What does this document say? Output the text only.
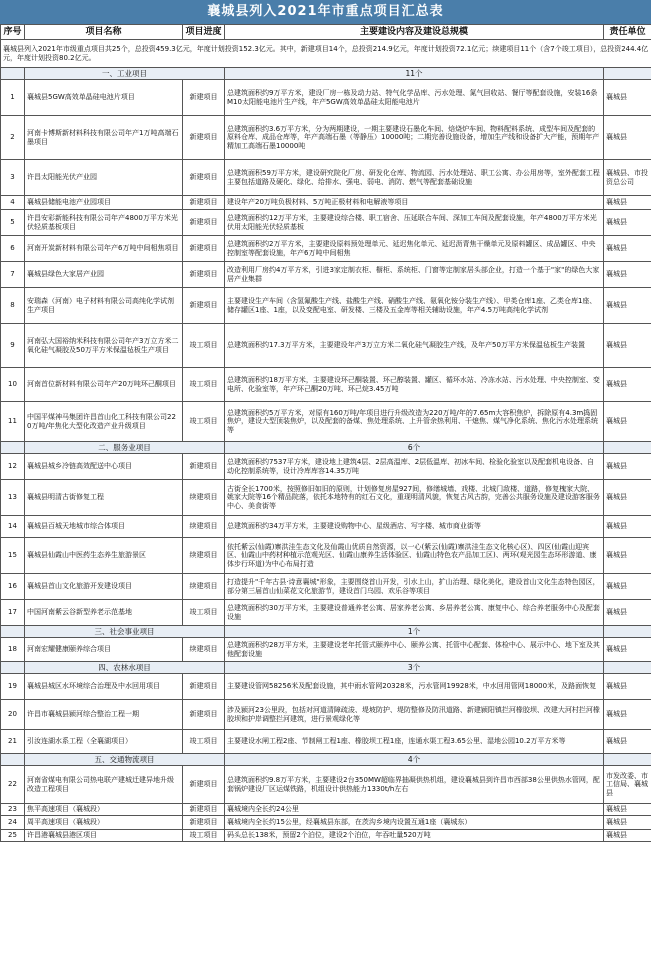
襄城县列入2021年市重点项目汇总表
序号	项目名称	项目进度	主要建设内容及建设总规模	责任单位
襄城县列入2021年市级重点项目共25个，总投资459.3亿元，年度计划投资152.3亿元。其中，新建项目14个，总投资214.9亿元，年度计划投资72.1亿元；续建项目11个（含7个竣工项目），总投资244.4亿元，年度计划投资80.2亿元。				
	一、工业项目		11个	
1	襄城县5GW高效单晶硅电池片项目	新建项目	总建筑面积约9万平方米，建设厂房一栋及动力站、特气化学品库、污水处理、氮气回收站、餐厅等配套设施，安装16条M10太阳能电池片生产线，年产5GW高效单晶硅太阳能电池片	襄城县
2	河南卡博斯新材料科技有限公司年产1万吨高端石墨项目	新建项目	总建筑面积约3.6万平方米，分为两期建设，一期主要建设石墨化车间、焙烧炉车间、物料配料系统、成型车间及配套的原料仓库、成品仓库等，年产高端石墨（等静压）10000吨；二期完善设施设备，增加生产线和设备扩大产能，预期年产精加工高端石墨10000吨	襄城县
3	许昌太阳能光伏产业园	新建项目	总建筑面积59万平方米，建设研究院化厂房、研发化仓库、物流园、污水处理站、职工公寓、办公用房等，室外配套工程主要包括道路及硬化、绿化、给排水、强电、弱电、消防、燃气等配套基础设施	襄城县、市投资总公司
4	襄城县储能电池产业园项目	新建项目	建设年产20万吨负极材料、5万吨正极材料和电解液等项目	襄城县
5	许昌安彩新能科技有限公司年产4800万平方米光伏轻质基板项目	新建项目	总建筑面积约12万平方米，主要建设综合楼、职工宿舍、压延联合车间、深加工车间及配套设施，年产4800万平方米光伏用太阳能光伏轻质基板	襄城县
6	河南开炭新材料有限公司年产6万吨中间相焦项目	新建项目	总建筑面积约2万平方米，主要建设原料预处理单元、延迟焦化单元、延迟沥青焦干燥单元及原料罐区、成品罐区、中央控制室等配套设施，年产6万吨中间相焦	襄城县
7	襄城县绿色大家居产业园	新建项目	改造利用厂房约4万平方米，引进3家定制衣柜、橱柜、系统柜、门窗等定制家居头部企业，打造一个基于"家"的绿色大家居产业集群	襄城县
8	安瑞森（河南）电子材料有限公司高纯化学试剂生产项目	新建项目	主要建设生产车间（含氢氟酸生产线、盐酸生产线、硝酸生产线、氨氧化铵分装生产线）、甲类仓库1座、乙类仓库1座、储存罐区1座、1座，以及变配电室、研发楼、三楼及五金库等相关辅助设施，年产4.5万吨高纯化学试剂	襄城县
9	河南弘大国裕纳米科技有限公司年产3万立方米二氧化硅气凝胶及50万平方米保温毡板生产项目	竣工项目	总建筑面积约17.3万平方米，主要建设年产3万立方米二氧化硅气凝胶生产线，及年产50万平方米保温毡板生产装置	襄城县
10	河南首位新材料有限公司年产20万吨环己酮项目	竣工项目	总建筑面积约18万平方米，主要建设环己酮装置、环己醇装置、罐区、循环水站、冷冻水站、污水处理、中央控制室、变电所、化验室等，年产环己酮20万吨、环己烷3.45万吨	襄城县
11	中国平煤神马集团许昌首山化工科技有限公司220万吨/年焦化大型化改造产业升级项目	竣工项目	总建筑面积约5万平方米，对原有160万吨/年项目进行升级改造为220万吨/年的7.65m大容积焦炉，拆除原有4.3m捣固焦炉，建设大型顶装焦炉，以及配套的备煤、焦处理系统、上升管余热利用、干熄焦、煤气净化系统、焦化污水处理系统等	襄城县
	二、服务业项目		6个	
12	襄城县城乡冷链高效配送中心项目	新建项目	总建筑面积约7537平方米，建设地上建筑4层、2层高温库、2层低温库、初冰车间、检验化验室以及配套机电设备、自动化控制系统等，设计冷库库容14.35万吨	襄城县
13	襄城县明清古街修复工程	续建项目	古街全长1700米，按照修旧如旧的原则，计划修复房屋927间，修缮城墙、戏楼、北城门敌楼、道路，修复槐家大院、姚家大院等16个精品院落，依托本地特有的红石文化，重现明清风貌，恢复古风古韵，完善公共服务设施及建设游客服务中心、美食街等	襄城县
14	襄城县百城天地城市综合体项目	续建项目	总建筑面积约34万平方米，主要建设购物中心、星级酒店、写字楼、城市商业街等	襄城县
15	襄城县仙霞山中医药生态养生旅游景区	续建项目	依托紫云(仙霞)寨洪洼生态文化及仙霞山优质自然资源，以一心(紫云(仙霞)寨洪洼生态文化核心区)、四区(仙霞山迎宾区、仙霞山中药材种植示范观光区、仙霞山康养生活体验区、仙霞山特色农产品加工区)、两环(观光园生态环形游道、康体步行环道)为中心布局打造	襄城县
16	襄城县首山文化旅游开发建设项目	续建项目	打造提升"千年古县·诗意襄城"形象，主要围绕首山开发，引水上山，扩山治理、绿化美化，建设首山文化生态特色园区，部分第三届首山仙菜花文化旅游节，建设首门乌园、欢乐谷等项目	襄城县
17	中国河南紫云谷新型养老示范基地	竣工项目	总建筑面积约30万平方米，主要建设普通养老公寓、居家养老公寓、乡居养老公寓、康复中心、综合养老服务中心及配套设施	襄城县
	三、社会事业项目		1个	
18	河南宏耀健康颐养综合项目	续建项目	总建筑面积约28万平方米，主要建设老年托管式颐养中心、颐养公寓、托管中心配套、体检中心、展示中心、地下室及其他配套设施	襄城县
	四、农林水项目		3个	
19	襄城县城区水环境综合治理及中水回用项目	新建项目	主要建设管网58256米及配套设施，其中雨水管网20328米，污水管网19928米，中水回用管网18000米，及路面恢复	襄城县
20	许昌市襄城县颍河综合整治工程一期	新建项目	涉及颍河23公里段，包括对河道清障疏浚、堤坡防护、堤防整修及防汛道路、新建颍阳镇拦河橡胶坝、改建大河村拦河橡胶坝和护岸调整拦河建筑，进行景观绿化等	襄城县
21	引汝连湖水系工程（全襄湖项目）	竣工项目	主要建设水闸工程2座、节制闸工程1座、橡胶坝工程1座，连通水渠工程3.65公里、湿地公园10.2万平方米等	襄城县
	五、交通物流项目		4个	
22	河南省煤电有限公司热电联产建城迁建异地升级改造工程项目	新建项目	总建筑面积约9.8万平方米，主要建设2台350MW超临界抽凝供热机组，建设襄城县到许昌市西部38公里供热水管网，配套锅炉建设厂区运煤铁路，机组设计供热能力1330t/h左右	市发改委、市工信局、襄城县
23	焦平高速项目（襄城段）	新建项目	襄城境内全长约24公里	襄城县
24	周平高速项目（襄城段）	新建项目	襄城境内全长约15公里，经襄城县东部，在茨沟乡境内设置互通1座（襄城东）	襄城县
25	许昌港襄城县港区项目	竣工项目	码头总长138米，预留2个泊位，建设2个泊位，年吞吐量520万吨	襄城县
